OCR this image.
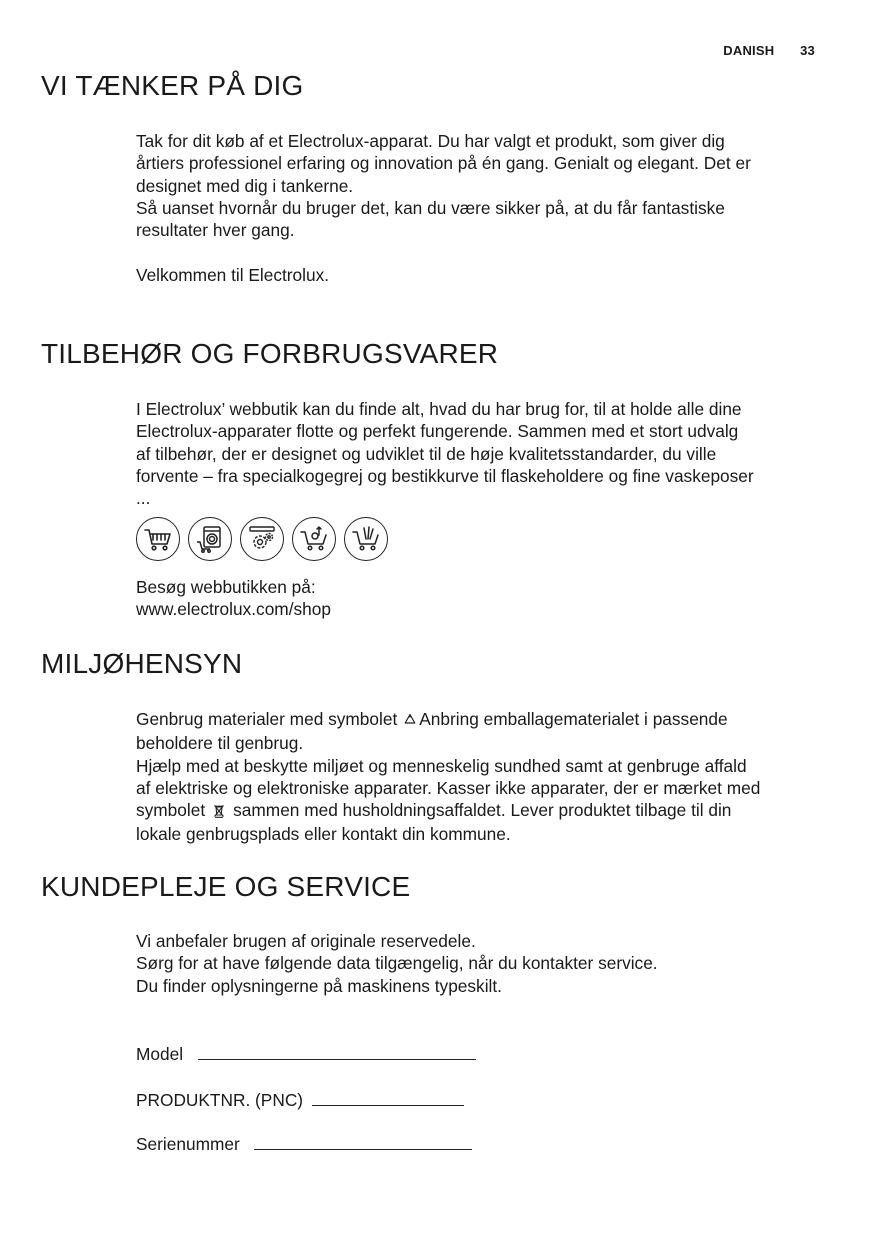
DANISH 33
VI TÆNKER PÅ DIG

Tak for dit køb af et Electrolux-apparat. Du har valgt et produkt, som giver dig

årtiers professionel erfaring og innovation på én gang. Genialt og elegant. Det er

designet med dig i tankerne.

Så uanset hvornår du bruger det, kan du være sikker på, at du får fantastiske

resultater hver gang.

Velkommen til Electrolux.

TILBEHØR OG FORBRUGSVARER

I Electrolux’ webbutik kan du finde alt, hvad du har brug for, til at holde alle dine

Electrolux-apparater flotte og perfekt fungerende. Sammen med et stort udvalg

af tilbehør, der er designet og udviklet til de høje kvalitetsstandarder, du ville

forvente – fra specialkogegrej og bestikkurve til flaskeholdere og fine vaskeposer

...

Besøg webbutikken på:

www.electrolux.com/shop

MILJØHENSYN

Genbrug materialer med symbolet Anbring emballagematerialet i passende

beholdere til genbrug.

Hjælp med at beskytte miljøet og menneskelig sundhed samt at genbruge affald

af elektriske og elektroniske apparater. Kasser ikke apparater, der er mærket med

symbolet sammen med husholdningsaffaldet. Lever produktet tilbage til din

lokale genbrugsplads eller kontakt din kommune.

KUNDEPLEJE OG SERVICE

Vi anbefaler brugen af originale reservedele.

Sørg for at have følgende data tilgængelig, når du kontakter service.

Du finder oplysningerne på maskinens typeskilt.

Model
PRODUKTNR. (PNC)
Serienummer
